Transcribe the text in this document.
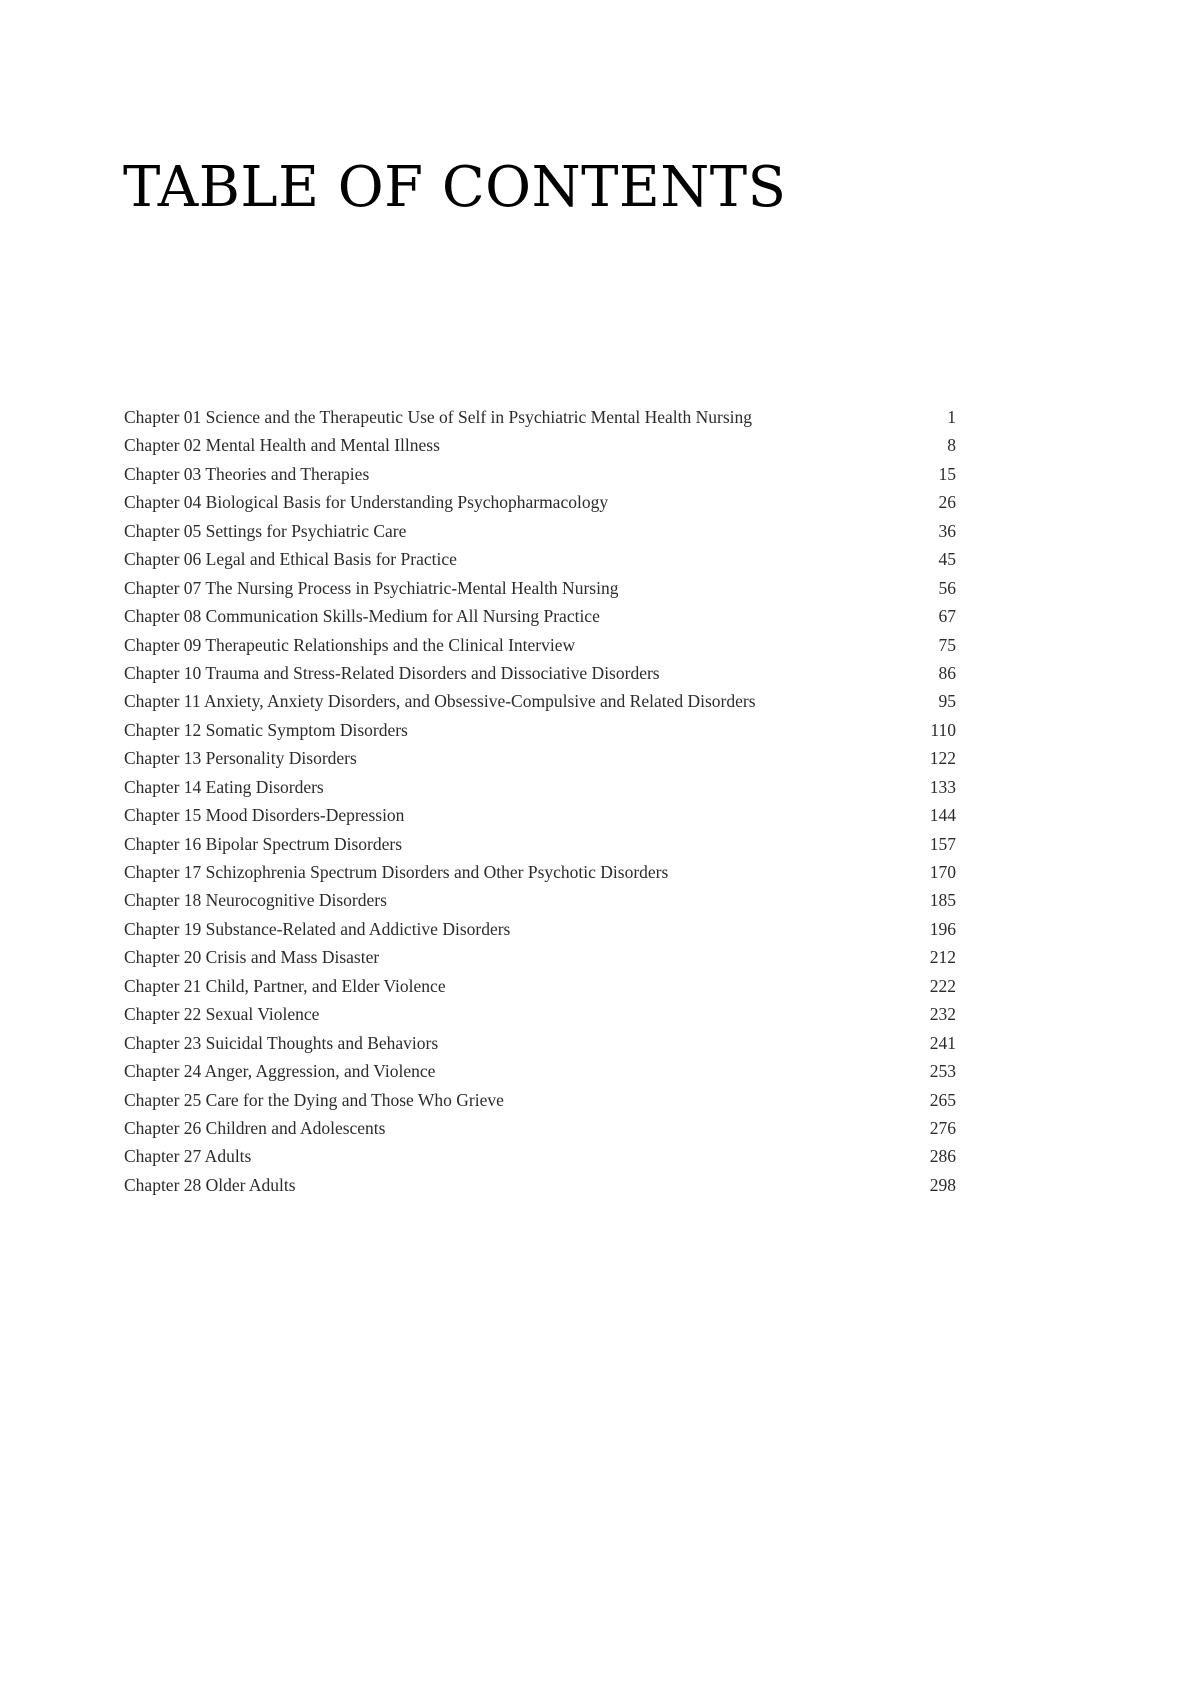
TABLE OF CONTENTS
Chapter 01 Science and the Therapeutic Use of Self in Psychiatric Mental Health Nursing	1
Chapter 02 Mental Health and Mental Illness	8
Chapter 03 Theories and Therapies	15
Chapter 04 Biological Basis for Understanding Psychopharmacology	26
Chapter 05 Settings for Psychiatric Care	36
Chapter 06 Legal and Ethical Basis for Practice	45
Chapter 07 The Nursing Process in Psychiatric-Mental Health Nursing	56
Chapter 08 Communication Skills-Medium for All Nursing Practice	67
Chapter 09 Therapeutic Relationships and the Clinical Interview	75
Chapter 10 Trauma and Stress-Related Disorders and Dissociative Disorders	86
Chapter 11 Anxiety, Anxiety Disorders, and Obsessive-Compulsive and Related Disorders	95
Chapter 12 Somatic Symptom Disorders	110
Chapter 13 Personality Disorders	122
Chapter 14 Eating Disorders	133
Chapter 15 Mood Disorders-Depression	144
Chapter 16 Bipolar Spectrum Disorders	157
Chapter 17 Schizophrenia Spectrum Disorders and Other Psychotic Disorders	170
Chapter 18 Neurocognitive Disorders	185
Chapter 19 Substance-Related and Addictive Disorders	196
Chapter 20 Crisis and Mass Disaster	212
Chapter 21 Child, Partner, and Elder Violence	222
Chapter 22 Sexual Violence	232
Chapter 23 Suicidal Thoughts and Behaviors	241
Chapter 24 Anger, Aggression, and Violence	253
Chapter 25 Care for the Dying and Those Who Grieve	265
Chapter 26 Children and Adolescents	276
Chapter 27 Adults	286
Chapter 28 Older Adults	298
